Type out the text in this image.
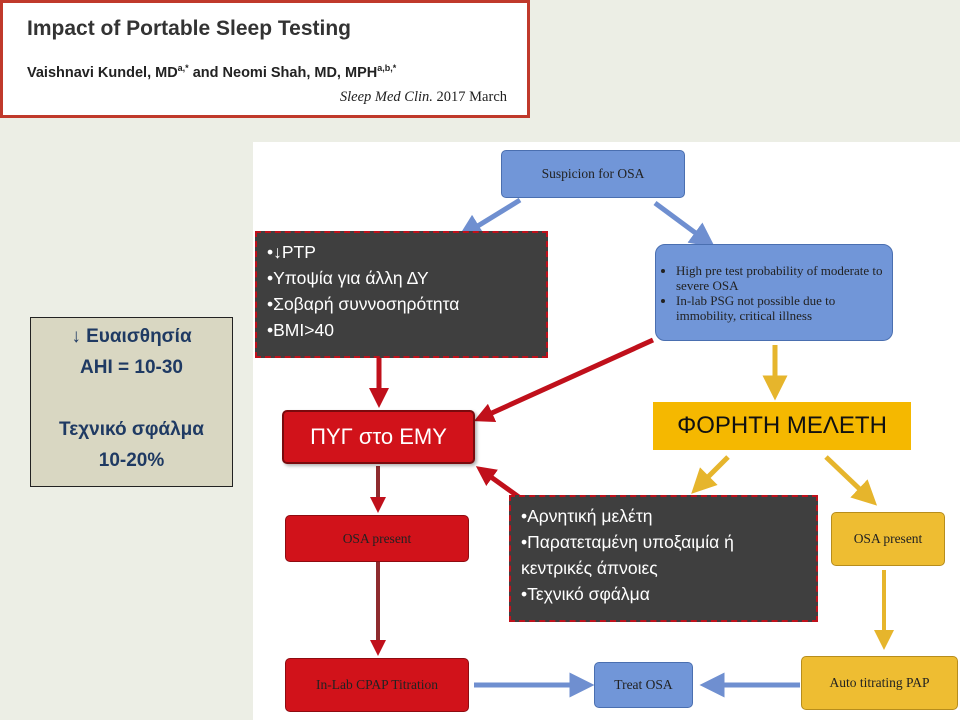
Impact of Portable Sleep Testing
Vaishnavi Kundel, $MD^{a,*}$ and Neomi Shah, MD, $MPH^{a,b,*}$
Sleep Med Clin. 2017 March
↓ Ευαισθησία
AHI = 10-30
Τεχνικό σφάλμα
10-20%
Suspicion for OSA
• High pre test probability of moderate to severe OSA
• In-lab PSG not possible due to immobility, critical illness
OSA present
In-Lab CPAP Titration	Treat OSA
OSA present
Auto titrating PAP
•↓PTP
•Υποψία για άλλη ΔΥ
•Σοβαρή συννοσηρότητα
•BMI>40
•Αρνητική μελέτη
•Παρατεταμένη υποξαιμία ή
κεντρικές άπνοιες
•Τεχνικό σφάλμα
ΠΥΓ στο ΕΜΥ	ΦΟΡΗΤΗ ΜΕΛΕΤΗ
